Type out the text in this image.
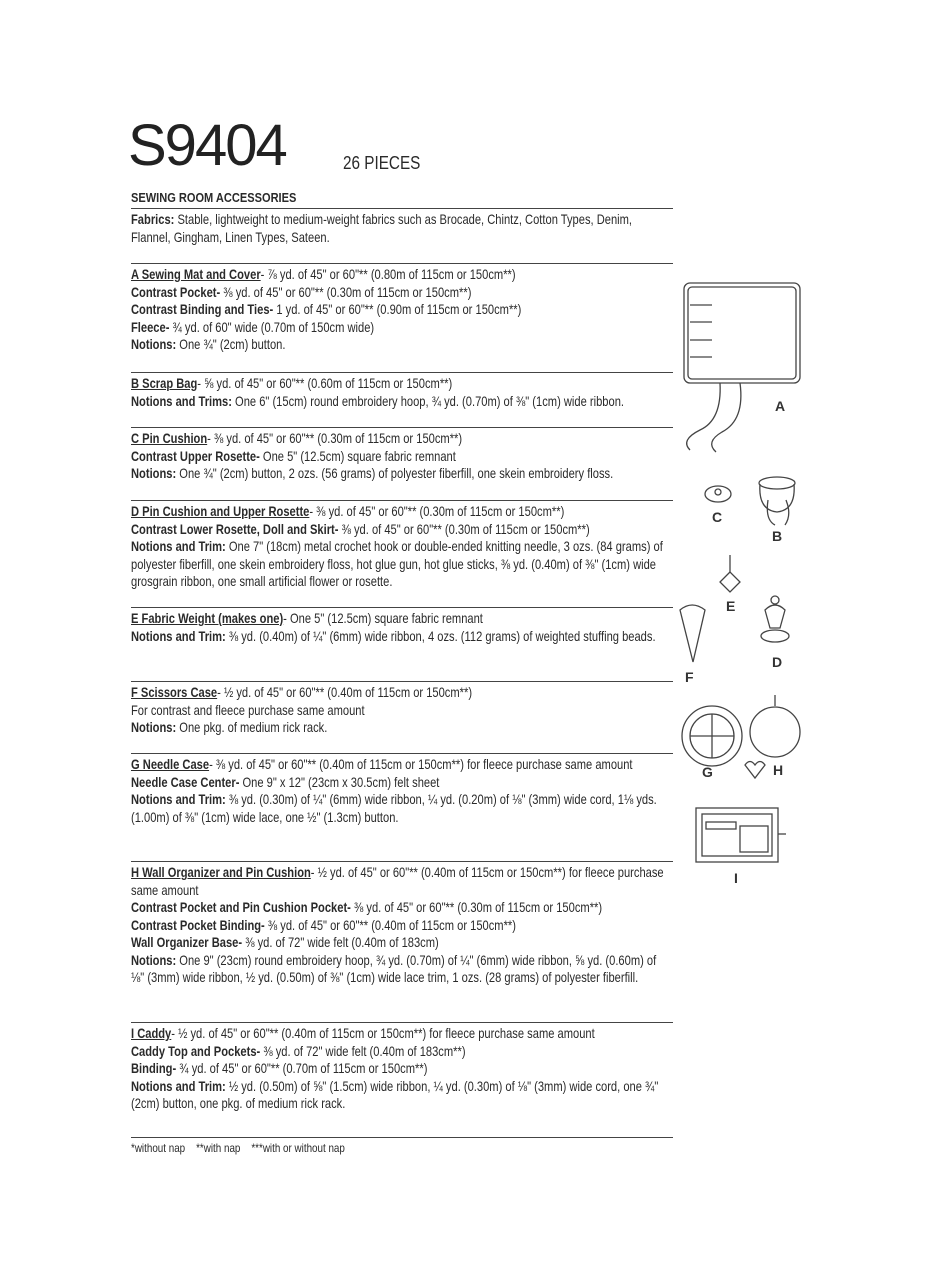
S9404	26 PIECES
SEWING ROOM ACCESSORIES
Fabrics: Stable, lightweight to medium-weight fabrics such as Brocade, Chintz, Cotton Types, Denim, Flannel, Gingham, Linen Types, Sateen.
A Sewing Mat and Cover- ⅞ yd. of 45" or 60"** (0.80m of 115cm or 150cm**)
Contrast Pocket- ⅜ yd. of 45" or 60"** (0.30m of 115cm or 150cm**)
Contrast Binding and Ties- 1 yd. of 45" or 60"** (0.90m of 115cm or 150cm**)
Fleece- ¾ yd. of 60" wide (0.70m of 150cm wide)
Notions: One ¾" (2cm) button.
B Scrap Bag- ⅝ yd. of 45" or 60"** (0.60m of 115cm or 150cm**)
Notions and Trims: One 6" (15cm) round embroidery hoop, ¾ yd. (0.70m) of ⅜" (1cm) wide ribbon.
C Pin Cushion- ⅜ yd. of 45" or 60"** (0.30m of 115cm or 150cm**)
Contrast Upper Rosette- One 5" (12.5cm) square fabric remnant
Notions: One ¾" (2cm) button, 2 ozs. (56 grams) of polyester fiberfill, one skein embroidery floss.
D Pin Cushion and Upper Rosette- ⅜ yd. of 45" or 60"** (0.30m of 115cm or 150cm**)
Contrast Lower Rosette, Doll and Skirt- ⅜ yd. of 45" or 60"** (0.30m of 115cm or 150cm**)
Notions and Trim: One 7" (18cm) metal crochet hook or double-ended knitting needle, 3 ozs. (84 grams) of polyester fiberfill, one skein embroidery floss, hot glue gun, hot glue sticks, ⅜ yd. (0.40m) of ⅜" (1cm) wide grosgrain ribbon, one small artificial flower or rosette.
E Fabric Weight (makes one)- One 5" (12.5cm) square fabric remnant
Notions and Trim: ⅜ yd. (0.40m) of ¼" (6mm) wide ribbon, 4 ozs. (112 grams) of weighted stuffing beads.
F Scissors Case- ½ yd. of 45" or 60"** (0.40m of 115cm or 150cm**)
For contrast and fleece purchase same amount
Notions: One pkg. of medium rick rack.
G Needle Case- ⅜ yd. of 45" or 60"** (0.40m of 115cm or 150cm**) for fleece purchase same amount
Needle Case Center- One 9" x 12" (23cm x 30.5cm) felt sheet
Notions and Trim: ⅜ yd. (0.30m) of ¼" (6mm) wide ribbon, ¼ yd. (0.20m) of ⅛" (3mm) wide cord, 1⅛ yds. (1.00m) of ⅜" (1cm) wide lace, one ½" (1.3cm) button.
H Wall Organizer and Pin Cushion- ½ yd. of 45" or 60"** (0.40m of 115cm or 150cm**) for fleece purchase same amount
Contrast Pocket and Pin Cushion Pocket- ⅜ yd. of 45" or 60"** (0.30m of 115cm or 150cm**)
Contrast Pocket Binding- ⅜ yd. of 45" or 60"** (0.40m of 115cm or 150cm**)
Wall Organizer Base- ⅜ yd. of 72" wide felt (0.40m of 183cm)
Notions: One 9" (23cm) round embroidery hoop, ¾ yd. (0.70m) of ¼" (6mm) wide ribbon, ⅝ yd. (0.60m) of ⅛" (3mm) wide ribbon, ½ yd. (0.50m) of ⅜" (1cm) wide lace trim, 1 ozs. (28 grams) of polyester fiberfill.
I Caddy- ½ yd. of 45" or 60"** (0.40m of 115cm or 150cm**) for fleece purchase same amount
Caddy Top and Pockets- ⅜ yd. of 72" wide felt (0.40m of 183cm**)
Binding- ¾ yd. of 45" or 60"** (0.70m of 115cm or 150cm**)
Notions and Trim: ½ yd. (0.50m) of ⅝" (1.5cm) wide ribbon, ¼ yd. (0.30m) of ⅛" (3mm) wide cord, one ¾" (2cm) button, one pkg. of medium rick rack.
*without nap    **with nap    ***with or without nap
A
C
B
E
D
F
G	H
I
